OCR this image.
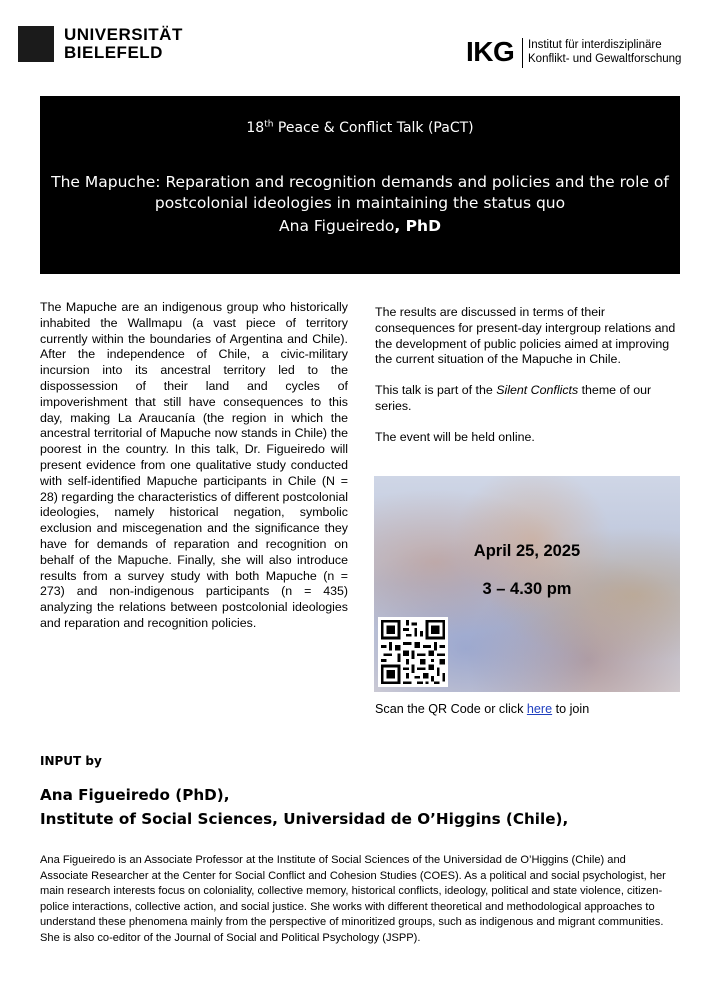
UNIVERSITÄT
BIELEFELD	IKG Institut für interdisziplinäre
Konflikt- und Gewaltforschung
18th Peace & Conflict Talk (PaCT)
The Mapuche: Reparation and recognition demands and policies and the role of postcolonial ideologies in maintaining the status quo
Ana Figueiredo, PhD
The Mapuche are an indigenous group who historically inhabited the Wallmapu (a vast piece of territory currently within the boundaries of Argentina and Chile). After the independence of Chile, a civic-military incursion into its ancestral territory led to the dispossession of their land and cycles of impoverishment that still have consequences to this day, making La Araucanía (the region in which the ancestral territorial of Mapuche now stands in Chile) the poorest in the country. In this talk, Dr. Figueiredo will present evidence from one qualitative study conducted with self-identified Mapuche participants in Chile (N = 28) regarding the characteristics of different postcolonial ideologies, namely historical negation, symbolic exclusion and miscegenation and the significance they have for demands of reparation and recognition on behalf of the Mapuche. Finally, she will also introduce results from a survey study with both Mapuche (n = 273) and non-indigenous participants (n = 435) analyzing the relations between postcolonial ideologies and reparation and recognition policies.

The results are discussed in terms of their consequences for present-day intergroup relations and the development of public policies aimed at improving the current situation of the Mapuche in Chile.

This talk is part of the Silent Conflicts theme of our series.

The event will be held online.

April 25, 2025
3 – 4.30 pm
Scan the QR Code or click here to join
INPUT by
Ana Figueiredo (PhD),
Institute of Social Sciences, Universidad de O’Higgins (Chile),
Ana Figueiredo is an Associate Professor at the Institute of Social Sciences of the Universidad de O’Higgins (Chile) and Associate Researcher at the Center for Social Conflict and Cohesion Studies (COES). As a political and social psychologist, her main research interests focus on coloniality, collective memory, historical conflicts, ideology, political and state violence, citizen-police interactions, collective action, and social justice. She works with different theoretical and methodological approaches to understand these phenomena mainly from the perspective of minoritized groups, such as indigenous and migrant communities. She is also co-editor of the Journal of Social and Political Psychology (JSPP).
